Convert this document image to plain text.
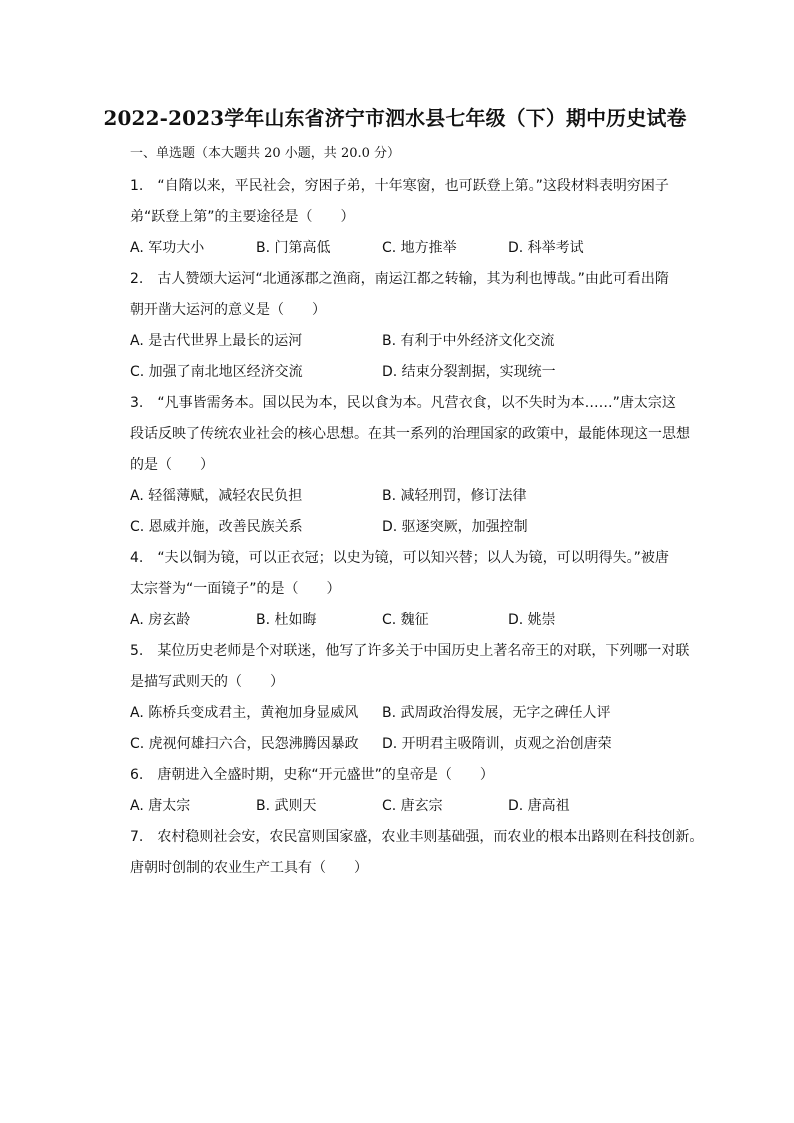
2022-2023学年山东省济宁市泗水县七年级（下）期中历史试卷
一、单选题（本大题共 20 小题，共 20.0 分）
1.　“自隋以来，平民社会，穷困子弟，十年寒窗，也可跃登上第。”这段材料表明穷困子
弟“跃登上第”的主要途径是（　　）
A. 军功大小	B. 门第高低	C. 地方推举	D. 科举考试
2.　古人赞颂大运河“北通涿郡之渔商，南运江都之转输，其为利也博哉。”由此可看出隋
朝开凿大运河的意义是（　　）
A. 是古代世界上最长的运河	B. 有利于中外经济文化交流
C. 加强了南北地区经济交流	D. 结束分裂割据，实现统一
3.　“凡事皆需务本。国以民为本，民以食为本。凡营衣食，以不失时为本……”唐太宗这
段话反映了传统农业社会的核心思想。在其一系列的治理国家的政策中，最能体现这一思想
的是（　　）
A. 轻徭薄赋，减轻农民负担	B. 减轻刑罚，修订法律
C. 恩威并施，改善民族关系	D. 驱逐突厥，加强控制
4.　“夫以铜为镜，可以正衣冠；以史为镜，可以知兴替；以人为镜，可以明得失。”被唐
太宗誉为“一面镜子”的是（　　）
A. 房玄龄	B. 杜如晦	C. 魏征	D. 姚崇
5.　某位历史老师是个对联迷，他写了许多关于中国历史上著名帝王的对联，下列哪一对联
是描写武则天的（　　）
A. 陈桥兵变成君主，黄袍加身显威风 B. 武周政治得发展，无字之碑任人评
C. 虎视何雄扫六合，民怨沸腾因暴政 D. 开明君主吸隋训，贞观之治创唐荣
6.　唐朝进入全盛时期，史称“开元盛世”的皇帝是（　　）
A. 唐太宗	B. 武则天	C. 唐玄宗	D. 唐高祖
7.　农村稳则社会安，农民富则国家盛，农业丰则基础强，而农业的根本出路则在科技创新。
唐朝时创制的农业生产工具有（　　）
